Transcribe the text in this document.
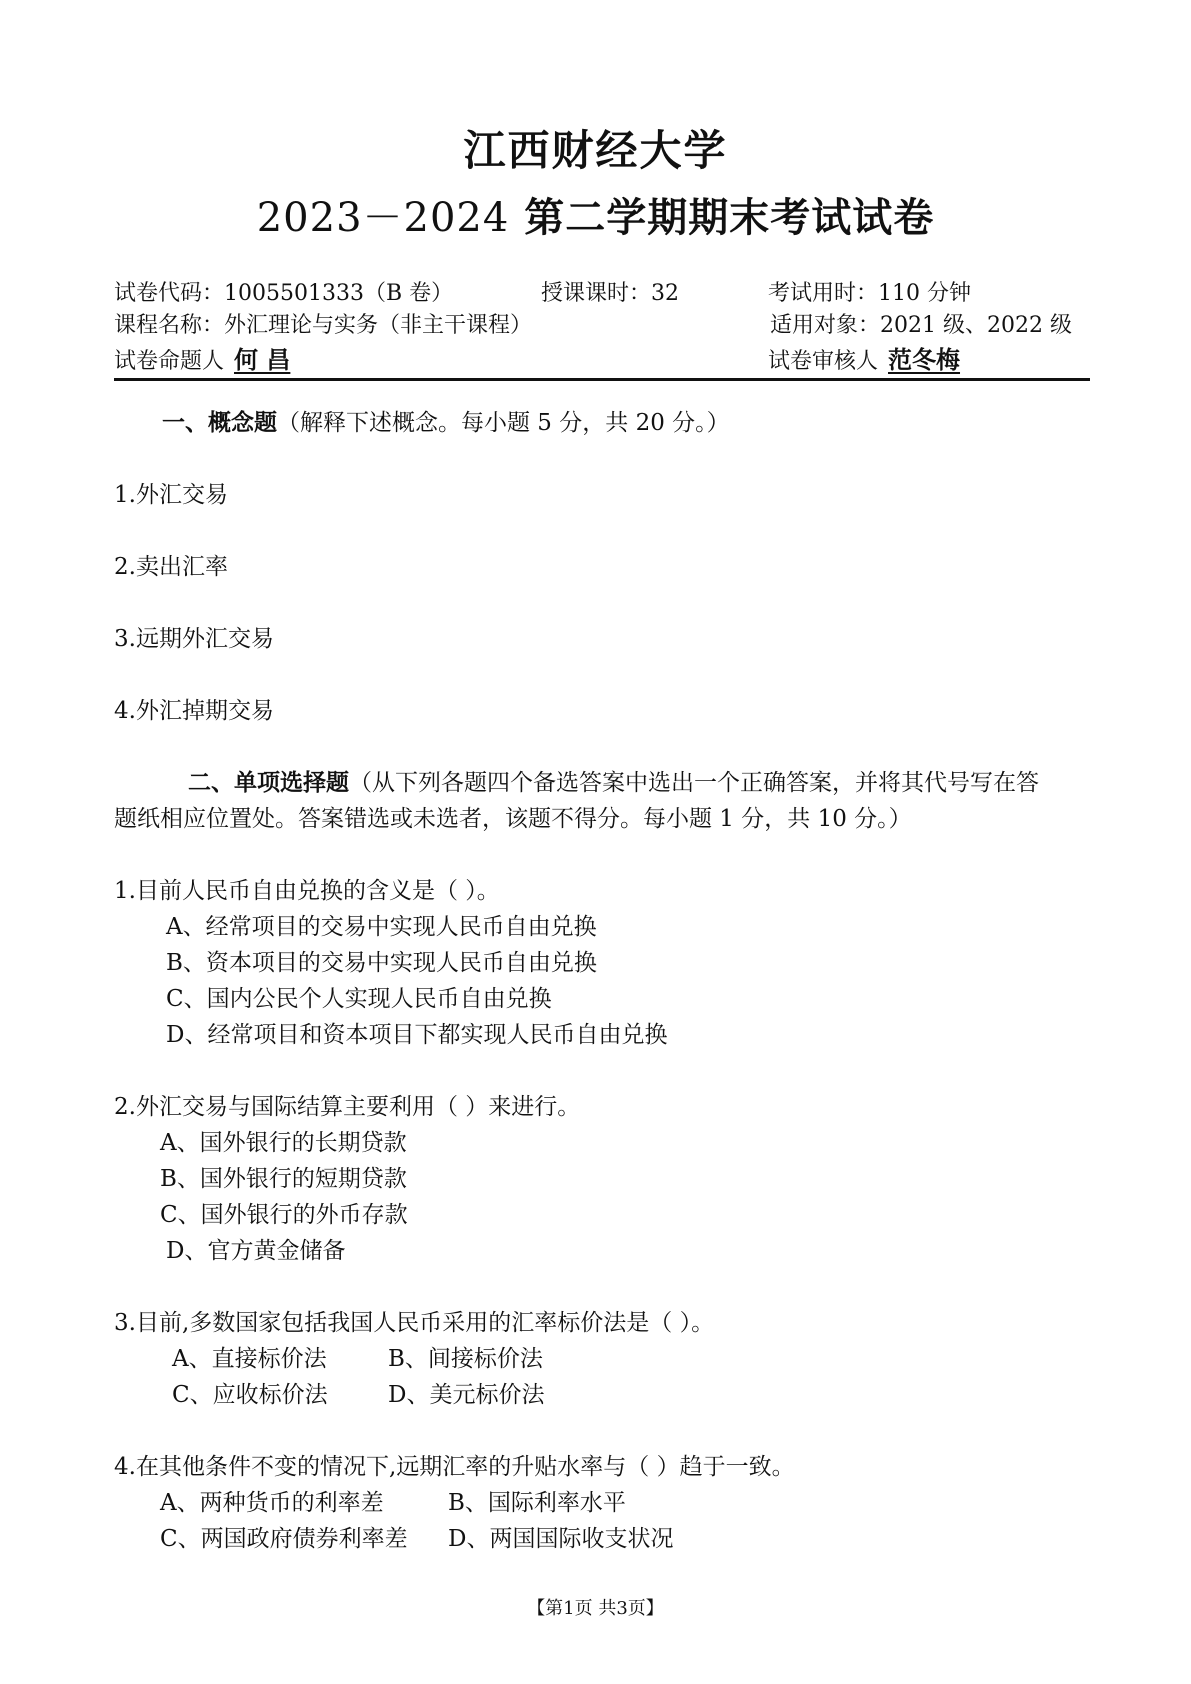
江西财经大学
2023－2024 第二学期期末考试试卷
试卷代码：1005501333（B 卷）	授课课时：32	考试用时：110 分钟
课程名称：外汇理论与实务（非主干课程）	适用对象：2021 级、2022 级
试卷命题人 何 昌	试卷审核人 范冬梅
一、概念题（解释下述概念。每小题 5 分，共 20 分。）
1.外汇交易
2.卖出汇率
3.远期外汇交易
4.外汇掉期交易
二、单项选择题（从下列各题四个备选答案中选出一个正确答案，并将其代号写在答
题纸相应位置处。答案错选或未选者，该题不得分。每小题 1 分，共 10 分。）
1.目前人民币自由兑换的含义是（ ）。
A、经常项目的交易中实现人民币自由兑换
B、资本项目的交易中实现人民币自由兑换
C、国内公民个人实现人民币自由兑换
D、经常项目和资本项目下都实现人民币自由兑换
2.外汇交易与国际结算主要利用（ ）来进行。
A、国外银行的长期贷款
B、国外银行的短期贷款
C、国外银行的外币存款
D、官方黄金储备
3.目前,多数国家包括我国人民币采用的汇率标价法是（ ）。
A、直接标价法	B、间接标价法
C、应收标价法	D、美元标价法
4.在其他条件不变的情况下,远期汇率的升贴水率与（ ）趋于一致。
A、两种货币的利率差	B、国际利率水平
C、两国政府债券利率差 D、两国国际收支状况
【第1页 共3页】
